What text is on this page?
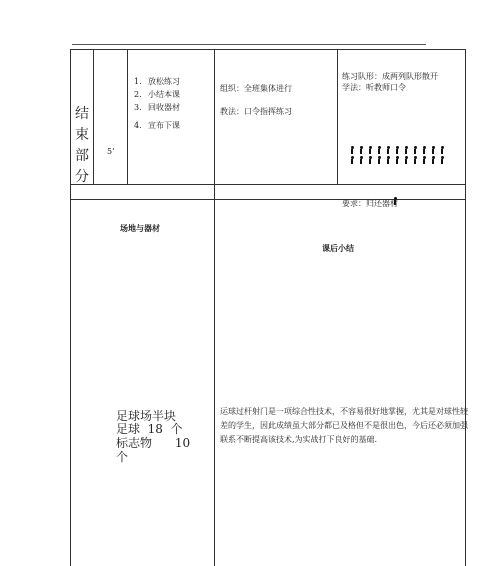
结
束
部
分
5’
1. 放松练习
2. 小结本课
3. 回收器材
4. 宣布下课
组织：全班集体进行
教法：口令指挥练习
练习队形：成两列队形散开
学法：听教师口令
要求：归还器材
场地与器材
足球场半块
足球  18  个
标志物      10
个
课后小结
运球过杆射门是一项综合性技术，不容易很好地掌握，尤其是对球性较差的学生，因此成绩虽大部分都已及格但不是很出色，今后还必须加强联系不断提高该技术,为实战打下良好的基础.
